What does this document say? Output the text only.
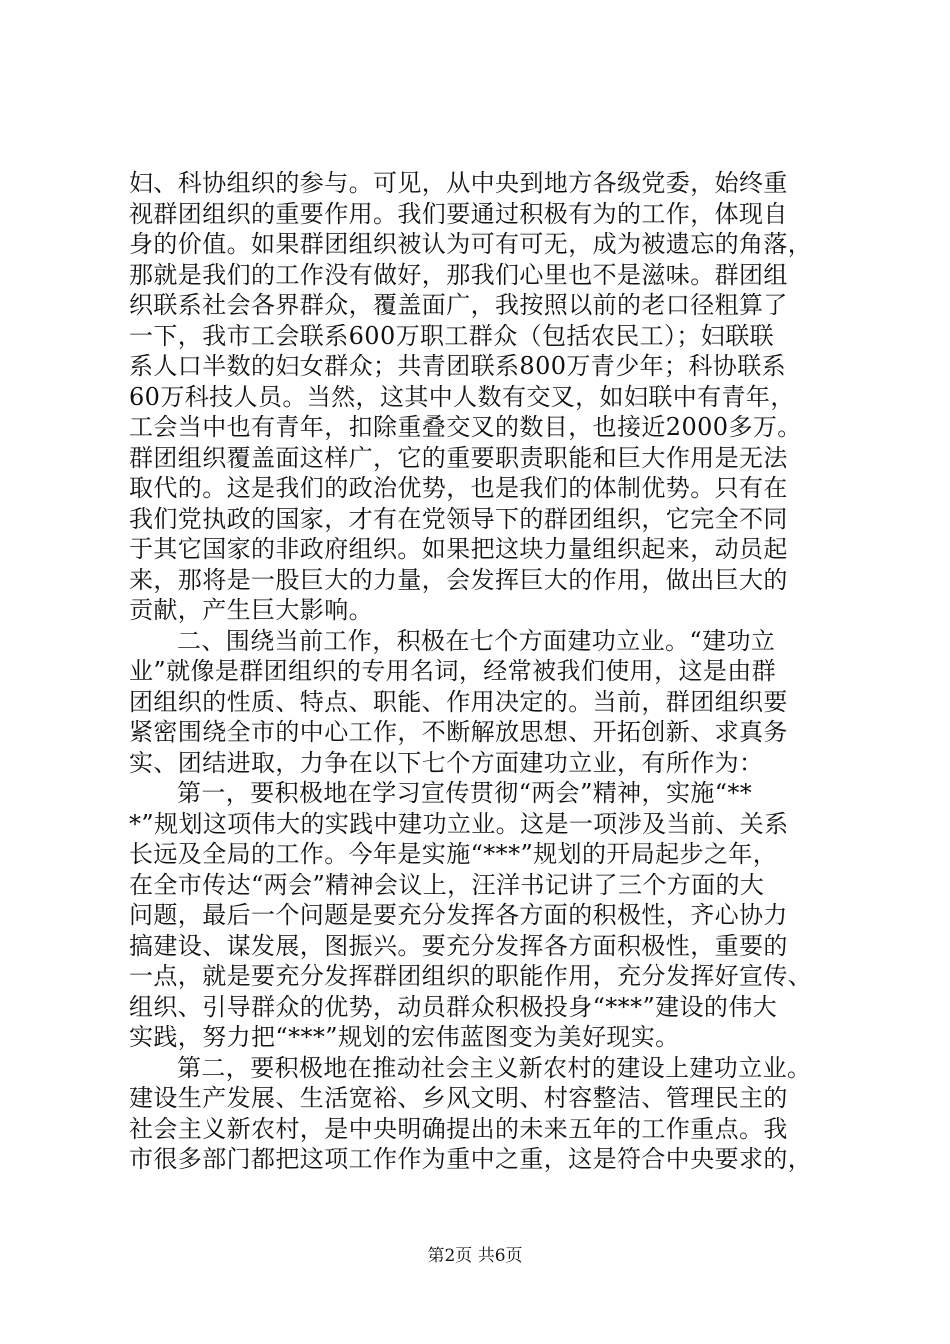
妇、科协组织的参与。可见，从中央到地方各级党委，始终重
视群团组织的重要作用。我们要通过积极有为的工作，体现自
身的价值。如果群团组织被认为可有可无，成为被遗忘的角落，
那就是我们的工作没有做好，那我们心里也不是滋味。群团组
织联系社会各界群众，覆盖面广，我按照以前的老口径粗算了
一下，我市工会联系600万职工群众（包括农民工）；妇联联
系人口半数的妇女群众；共青团联系800万青少年；科协联系
60万科技人员。当然，这其中人数有交叉，如妇联中有青年，
工会当中也有青年，扣除重叠交叉的数目，也接近2000多万。
群团组织覆盖面这样广，它的重要职责职能和巨大作用是无法
取代的。这是我们的政治优势，也是我们的体制优势。只有在
我们党执政的国家，才有在党领导下的群团组织，它完全不同
于其它国家的非政府组织。如果把这块力量组织起来，动员起
来，那将是一股巨大的力量，会发挥巨大的作用，做出巨大的
贡献，产生巨大影响。
二、围绕当前工作，积极在七个方面建功立业。“建功立
业”就像是群团组织的专用名词，经常被我们使用，这是由群
团组织的性质、特点、职能、作用决定的。当前，群团组织要
紧密围绕全市的中心工作，不断解放思想、开拓创新、求真务
实、团结进取，力争在以下七个方面建功立业，有所作为：
第一，要积极地在学习宣传贯彻“两会”精神，实施“**
*”规划这项伟大的实践中建功立业。这是一项涉及当前、关系
长远及全局的工作。今年是实施“***”规划的开局起步之年，
在全市传达“两会”精神会议上，汪洋书记讲了三个方面的大
问题，最后一个问题是要充分发挥各方面的积极性，齐心协力
搞建设、谋发展，图振兴。要充分发挥各方面积极性，重要的
一点，就是要充分发挥群团组织的职能作用，充分发挥好宣传、
组织、引导群众的优势，动员群众积极投身“***”建设的伟大
实践，努力把“***”规划的宏伟蓝图变为美好现实。
第二，要积极地在推动社会主义新农村的建设上建功立业。
建设生产发展、生活宽裕、乡风文明、村容整洁、管理民主的
社会主义新农村，是中央明确提出的未来五年的工作重点。我
市很多部门都把这项工作作为重中之重，这是符合中央要求的，
第2页 共6页
